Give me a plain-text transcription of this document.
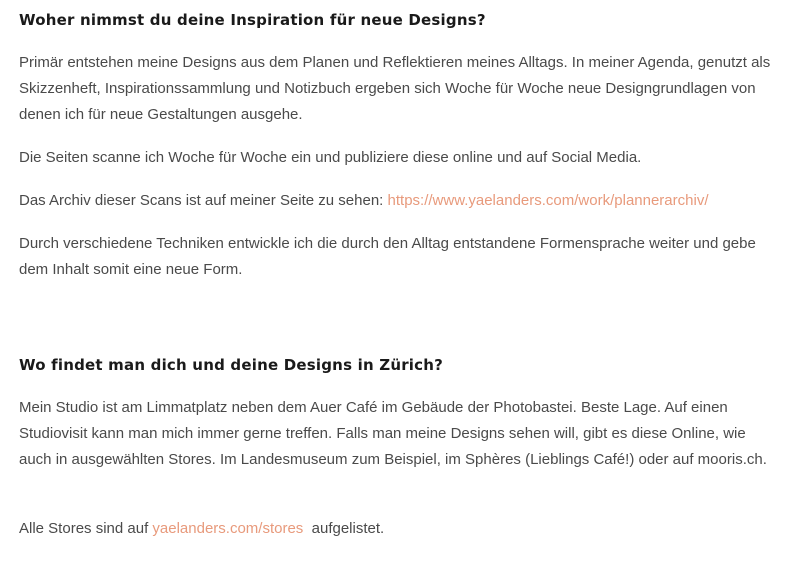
Woher nimmst du deine Inspiration für neue Designs?

Primär entstehen meine Designs aus dem Planen und Reflektieren meines Alltags. In meiner Agenda, genutzt als Skizzenheft, Inspirationssammlung und Notizbuch ergeben sich Woche für Woche neue Designgrundlagen von denen ich für neue Gestaltungen ausgehe.

Die Seiten scanne ich Woche für Woche ein und publiziere diese online und auf Social Media.

Das Archiv dieser Scans ist auf meiner Seite zu sehen: https://www.yaelanders.com/work/plannerarchiv/

Durch verschiedene Techniken entwickle ich die durch den Alltag entstandene Formensprache weiter und gebe dem Inhalt somit eine neue Form.

Wo findet man dich und deine Designs in Zürich?

Mein Studio ist am Limmatplatz neben dem Auer Café im Gebäude der Photobastei. Beste Lage. Auf einen Studiovisit kann man mich immer gerne treffen. Falls man meine Designs sehen will, gibt es diese Online, wie auch in ausgewählten Stores. Im Landesmuseum zum Beispiel, im Sphères (Lieblings Café!) oder auf mooris.ch.

Alle Stores sind auf yaelanders.com/stores  aufgelistet.
